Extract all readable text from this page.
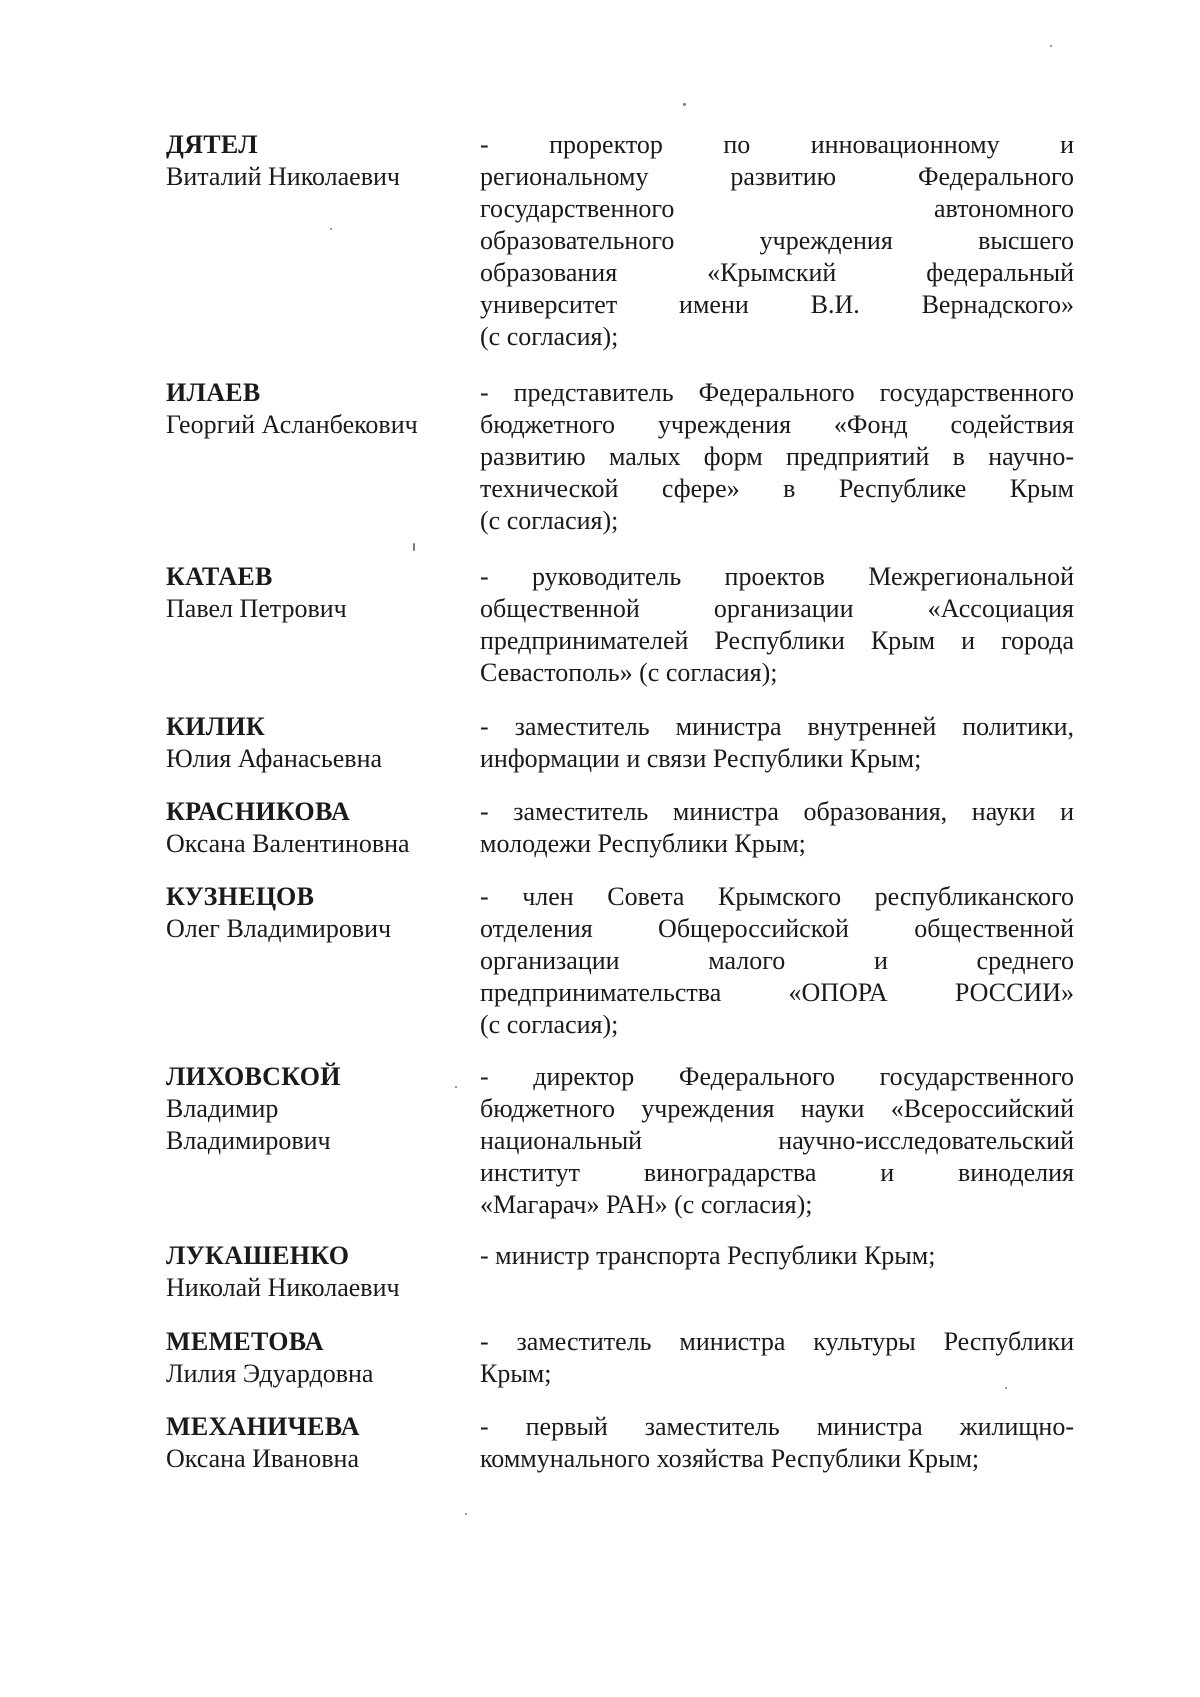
ДЯТЕЛ
Виталий Николаевич
- проректор по инновационному и
региональному развитию Федерального
государственного автономного
образовательного учреждения высшего
образования «Крымский федеральный
университет имени В.И. Вернадского»
(с согласия);
ИЛАЕВ
Георгий Асланбекович
- представитель Федерального государственного
бюджетного учреждения «Фонд содействия
развитию малых форм предприятий в научно-
технической сфере» в Республике Крым
(с согласия);
КАТАЕВ
Павел Петрович
- руководитель проектов Межрегиональной
общественной организации «Ассоциация
предпринимателей Республики Крым и города
Севастополь» (с согласия);
КИЛИК
Юлия Афанасьевна
- заместитель министра внутренней политики,
информации и связи Республики Крым;
КРАСНИКОВА
Оксана Валентиновна
- заместитель министра образования, науки и
молодежи Республики Крым;
КУЗНЕЦОВ
Олег Владимирович
- член Совета Крымского республиканского
отделения Общероссийской общественной
организации малого и среднего
предпринимательства «ОПОРА РОССИИ»
(с согласия);
ЛИХОВСКОЙ
Владимир
Владимирович
- директор Федерального государственного
бюджетного учреждения науки «Всероссийский
национальный научно-исследовательский
институт виноградарства и виноделия
«Магарач» РАН» (с согласия);
ЛУКАШЕНКО
Николай Николаевич
- министр транспорта Республики Крым;
МЕМЕТОВА
Лилия Эдуардовна
- заместитель министра культуры Республики
Крым;
МЕХАНИЧЕВА
Оксана Ивановна
- первый заместитель министра жилищно-
коммунального хозяйства Республики Крым;
